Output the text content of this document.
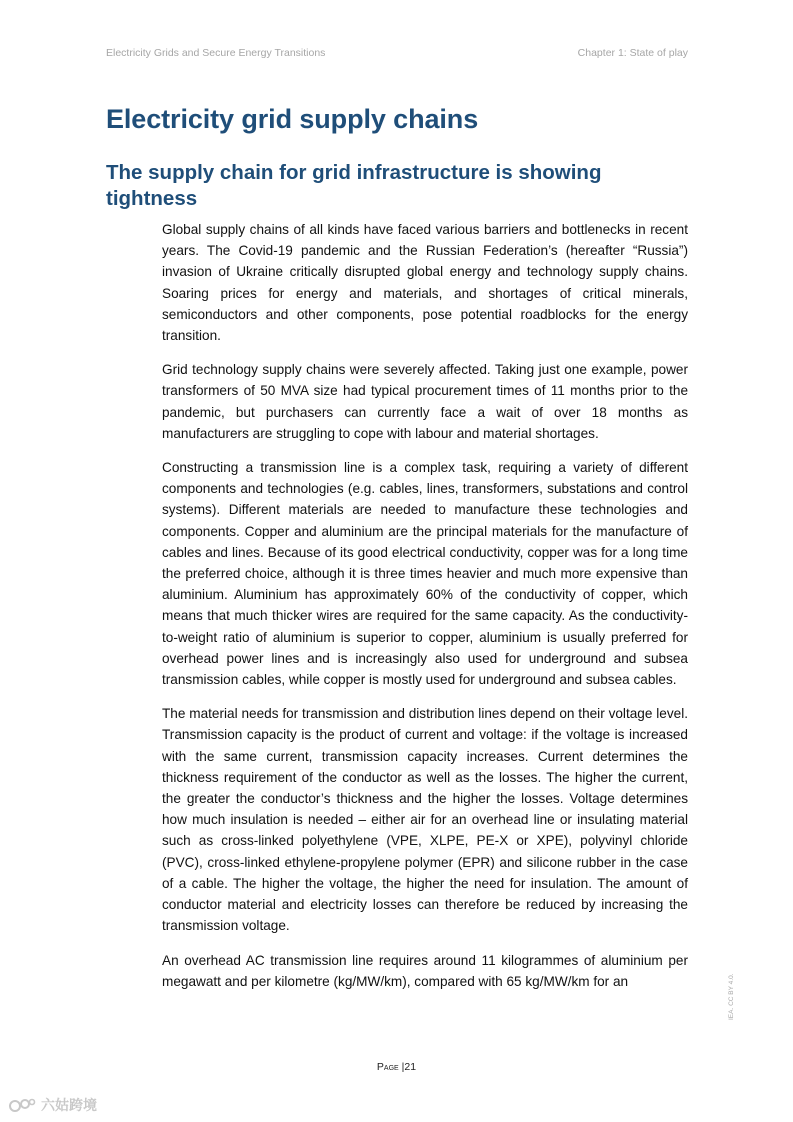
Electricity Grids and Secure Energy Transitions	Chapter 1: State of play
Electricity grid supply chains
The supply chain for grid infrastructure is showing tightness

Global supply chains of all kinds have faced various barriers and bottlenecks in recent years. The Covid-19 pandemic and the Russian Federation’s (hereafter “Russia”) invasion of Ukraine critically disrupted global energy and technology supply chains. Soaring prices for energy and materials, and shortages of critical minerals, semiconductors and other components, pose potential roadblocks for the energy transition.

Grid technology supply chains were severely affected. Taking just one example, power transformers of 50 MVA size had typical procurement times of 11 months prior to the pandemic, but purchasers can currently face a wait of over 18 months as manufacturers are struggling to cope with labour and material shortages.

Constructing a transmission line is a complex task, requiring a variety of different components and technologies (e.g. cables, lines, transformers, substations and control systems). Different materials are needed to manufacture these technologies and components. Copper and aluminium are the principal materials for the manufacture of cables and lines. Because of its good electrical conductivity, copper was for a long time the preferred choice, although it is three times heavier and much more expensive than aluminium. Aluminium has approximately 60% of the conductivity of copper, which means that much thicker wires are required for the same capacity. As the conductivity-to-weight ratio of aluminium is superior to copper, aluminium is usually preferred for overhead power lines and is increasingly also used for underground and subsea transmission cables, while copper is mostly used for underground and subsea cables.

The material needs for transmission and distribution lines depend on their voltage level. Transmission capacity is the product of current and voltage: if the voltage is increased with the same current, transmission capacity increases. Current determines the thickness requirement of the conductor as well as the losses. The higher the current, the greater the conductor’s thickness and the higher the losses. Voltage determines how much insulation is needed – either air for an overhead line or insulating material such as cross-linked polyethylene (VPE, XLPE, PE-X or XPE), polyvinyl chloride (PVC), cross-linked ethylene-propylene polymer (EPR) and silicone rubber in the case of a cable. The higher the voltage, the higher the need for insulation. The amount of conductor material and electricity losses can therefore be reduced by increasing the transmission voltage.

An overhead AC transmission line requires around 11 kilogrammes of aluminium per megawatt and per kilometre (kg/MW/km), compared with 65 kg/MW/km for an

Page |21
IEA. CC BY 4.0.
六姑跨境
